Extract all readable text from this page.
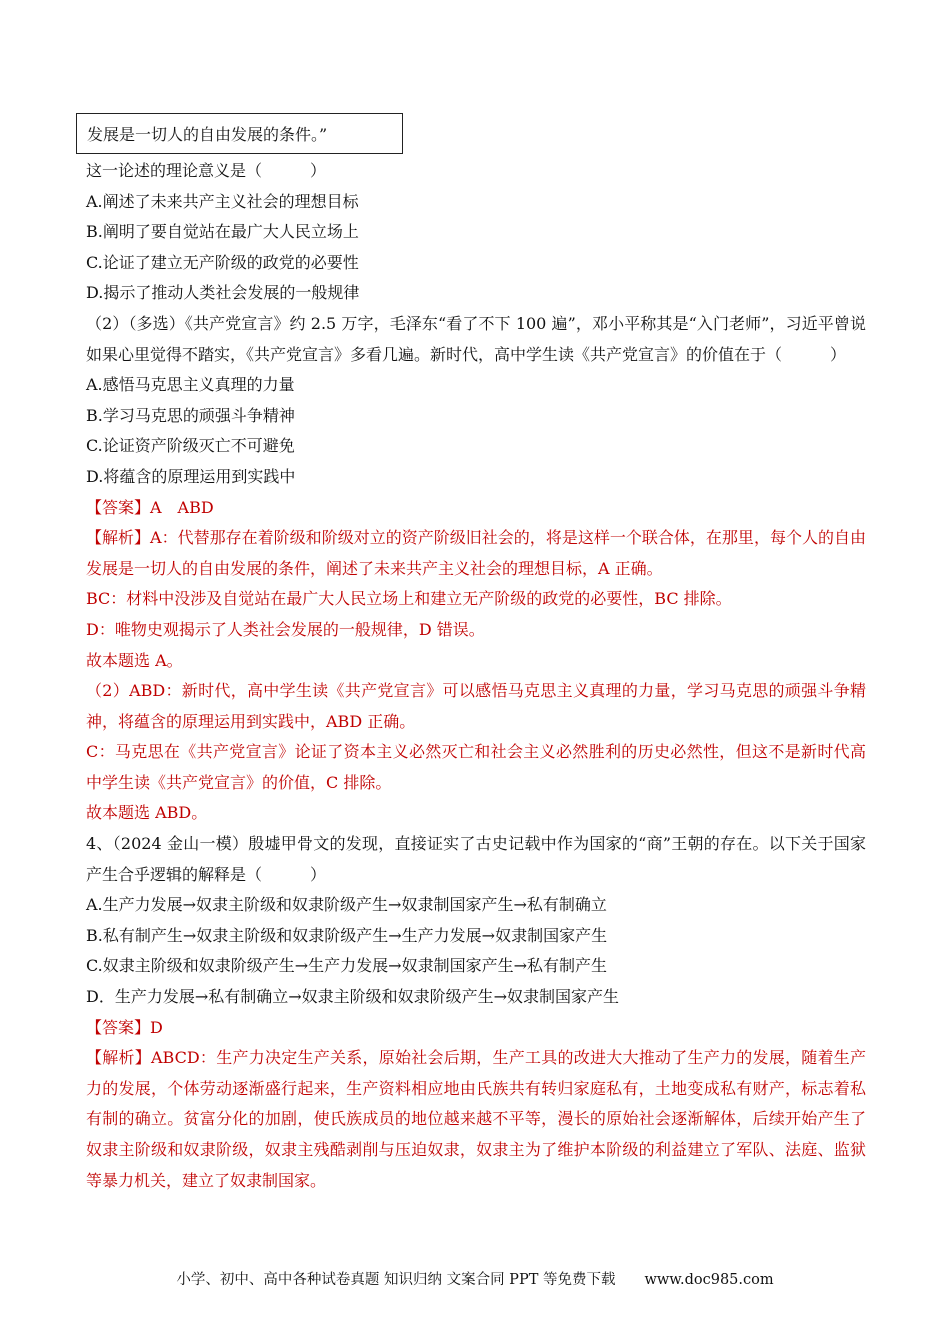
发展是一切人的自由发展的条件。”
这一论述的理论意义是（　　　）
A.阐述了未来共产主义社会的理想目标
B.阐明了要自觉站在最广大人民立场上
C.论证了建立无产阶级的政党的必要性
D.揭示了推动人类社会发展的一般规律
（2）（多选）《共产党宣言》约 2.5 万字，毛泽东“看了不下 100 遍”，邓小平称其是“入门老师”，习近平曾说如果心里觉得不踏实，《共产党宣言》多看几遍。新时代，高中学生读《共产党宣言》的价值在于（　　　）
A.感悟马克思主义真理的力量
B.学习马克思的顽强斗争精神
C.论证资产阶级灭亡不可避免
D.将蕴含的原理运用到实践中
【答案】A　ABD
【解析】A：代替那存在着阶级和阶级对立的资产阶级旧社会的，将是这样一个联合体，在那里，每个人的自由发展是一切人的自由发展的条件，阐述了未来共产主义社会的理想目标，A 正确。
BC：材料中没涉及自觉站在最广大人民立场上和建立无产阶级的政党的必要性，BC 排除。
D：唯物史观揭示了人类社会发展的一般规律，D 错误。
故本题选 A。
（2）ABD：新时代，高中学生读《共产党宣言》可以感悟马克思主义真理的力量，学习马克思的顽强斗争精神，将蕴含的原理运用到实践中，ABD 正确。
C：马克思在《共产党宣言》论证了资本主义必然灭亡和社会主义必然胜利的历史必然性，但这不是新时代高中学生读《共产党宣言》的价值，C 排除。
故本题选 ABD。
4、（2024 金山一模）殷墟甲骨文的发现，直接证实了古史记载中作为国家的“商”王朝的存在。以下关于国家产生合乎逻辑的解释是（　　　）
A.生产力发展→奴隶主阶级和奴隶阶级产生→奴隶制国家产生→私有制确立
B.私有制产生→奴隶主阶级和奴隶阶级产生→生产力发展→奴隶制国家产生
C.奴隶主阶级和奴隶阶级产生→生产力发展→奴隶制国家产生→私有制产生
D．生产力发展→私有制确立→奴隶主阶级和奴隶阶级产生→奴隶制国家产生
【答案】D
【解析】ABCD：生产力决定生产关系，原始社会后期，生产工具的改进大大推动了生产力的发展，随着生产力的发展，个体劳动逐渐盛行起来，生产资料相应地由氏族共有转归家庭私有，土地变成私有财产，标志着私有制的确立。贫富分化的加剧，使氏族成员的地位越来越不平等，漫长的原始社会逐渐解体，后续开始产生了奴隶主阶级和奴隶阶级，奴隶主残酷剥削与压迫奴隶，奴隶主为了维护本阶级的利益建立了军队、法庭、监狱等暴力机关，建立了奴隶制国家。
小学、初中、高中各种试卷真题 知识归纳 文案合同 PPT 等免费下载　　www.doc985.com
